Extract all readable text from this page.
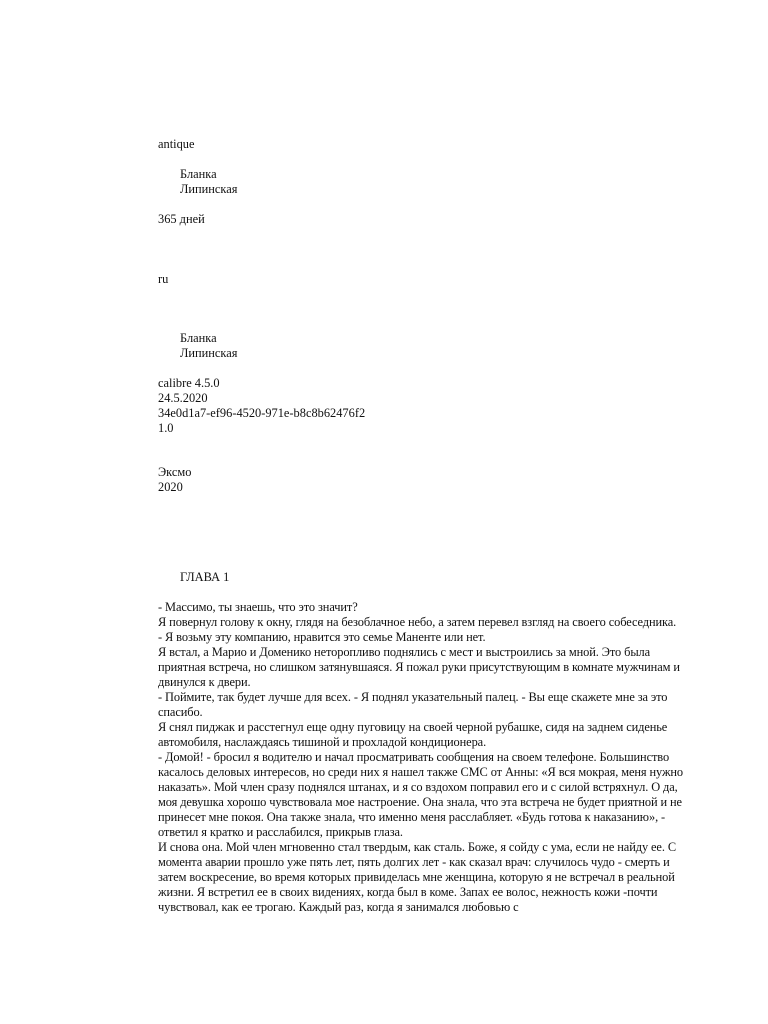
antique
Бланка
Липинская
365 дней
ru
Бланка
Липинская
calibre 4.5.0
24.5.2020
34e0d1a7-ef96-4520-971e-b8c8b62476f2
1.0
Эксмо
2020
ГЛАВА 1

- Массимо, ты знаешь, что это значит?

Я повернул голову к окну, глядя на безоблачное небо, а затем перевел взгляд на своего собеседника.

- Я возьму эту компанию, нравится это семье Маненте или нет.

Я встал, а Марио и Доменико неторопливо поднялись с мест и выстроились за мной. Это была приятная встреча, но слишком затянувшаяся. Я пожал руки присутствующим в комнате мужчинам и двинулся к двери.

- Поймите, так будет лучше для всех. - Я поднял указательный палец. - Вы еще скажете мне за это спасибо.

Я снял пиджак и расстегнул еще одну пуговицу на своей черной рубашке, сидя на заднем сиденье автомобиля, наслаждаясь тишиной и прохладой кондиционера.

- Домой! - бросил я водителю и начал просматривать сообщения на своем телефоне. Большинство касалось деловых интересов, но среди них я нашел также СМС от Анны: «Я вся мокрая, меня нужно наказать». Мой член сразу поднялся штанах, и я со вздохом поправил его и с силой встряхнул. О да, моя девушка хорошо чувствовала мое настроение. Она знала, что эта встреча не будет приятной и не принесет мне покоя. Она также знала, что именно меня расслабляет. «Будь готова к наказанию», - ответил я кратко и расслабился, прикрыв глаза.

И снова она. Мой член мгновенно стал твердым, как сталь. Боже, я сойду с ума, если не найду ее. С момента аварии прошло уже пять лет, пять долгих лет - как сказал врач: случилось чудо - смерть и затем воскресение, во время которых привиделась мне женщина, которую я не встречал в реальной жизни. Я встретил ее в своих видениях, когда был в коме. Запах ее волос, нежность кожи -почти чувствовал, как ее трогаю. Каждый раз, когда я занимался любовью с
